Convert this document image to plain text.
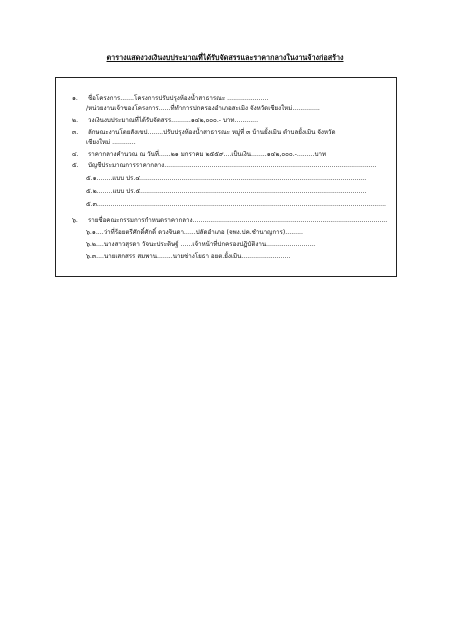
ตารางแสดงวงเงินงบประมาณที่ได้รับจัดสรรและราคากลางในงานจ้างก่อสร้าง
๑. ชื่อโครงการ.......โครงการปรับปรุงห้องน้ำสาธารณะ .....................
/หน่วยงานเจ้าของโครงการ......ที่ทำการปกครองอำเภอสะเมิง จังหวัดเชียงใหม่..............
๒. วงเงินงบประมาณที่ได้รับจัดสรร..........๑๔๒,๐๐๐.- บาท............
๓. ลักษณะงานโดยสังเขป........ปรับปรุงห้องน้ำสาธารณะ หมู่ที่ ๓ บ้านยั้งเมิน ตำบลยั้งเมิน จังหวัด
เชียงใหม่ ............
๔. ราคากลางคำนวณ ณ วันที่......๒๑ มกราคม ๒๕๕๙....เป็นเงิน........๑๔๒,๐๐๐.-.........บาท
๕. บัญชีประมาณการราคากลาง............................................................................................................
๕.๑........แบบ ปร.๔...................................................................................................................
๕.๒........แบบ ปร.๕...................................................................................................................
๕.๓...................................................................................................................................................
๖. รายชื่อคณะกรรมการกำหนดราคากลาง...................................................................................................
๖.๑....ว่าที่ร้อยตรีศักดิ์ศักดิ์ ดวงจินดา......ปลัดอำเภอ (จพง.ปค.ชำนาญการ).........
๖.๒....นางสาวสุรดา วัจนะประดิษฐ์ ......เจ้าหน้าที่ปกครองปฏิบัติงาน.........................
๖.๓....นายเสกสรร สมพาน........นายช่างโยธา อยต.ยั้งเมิน.........................
